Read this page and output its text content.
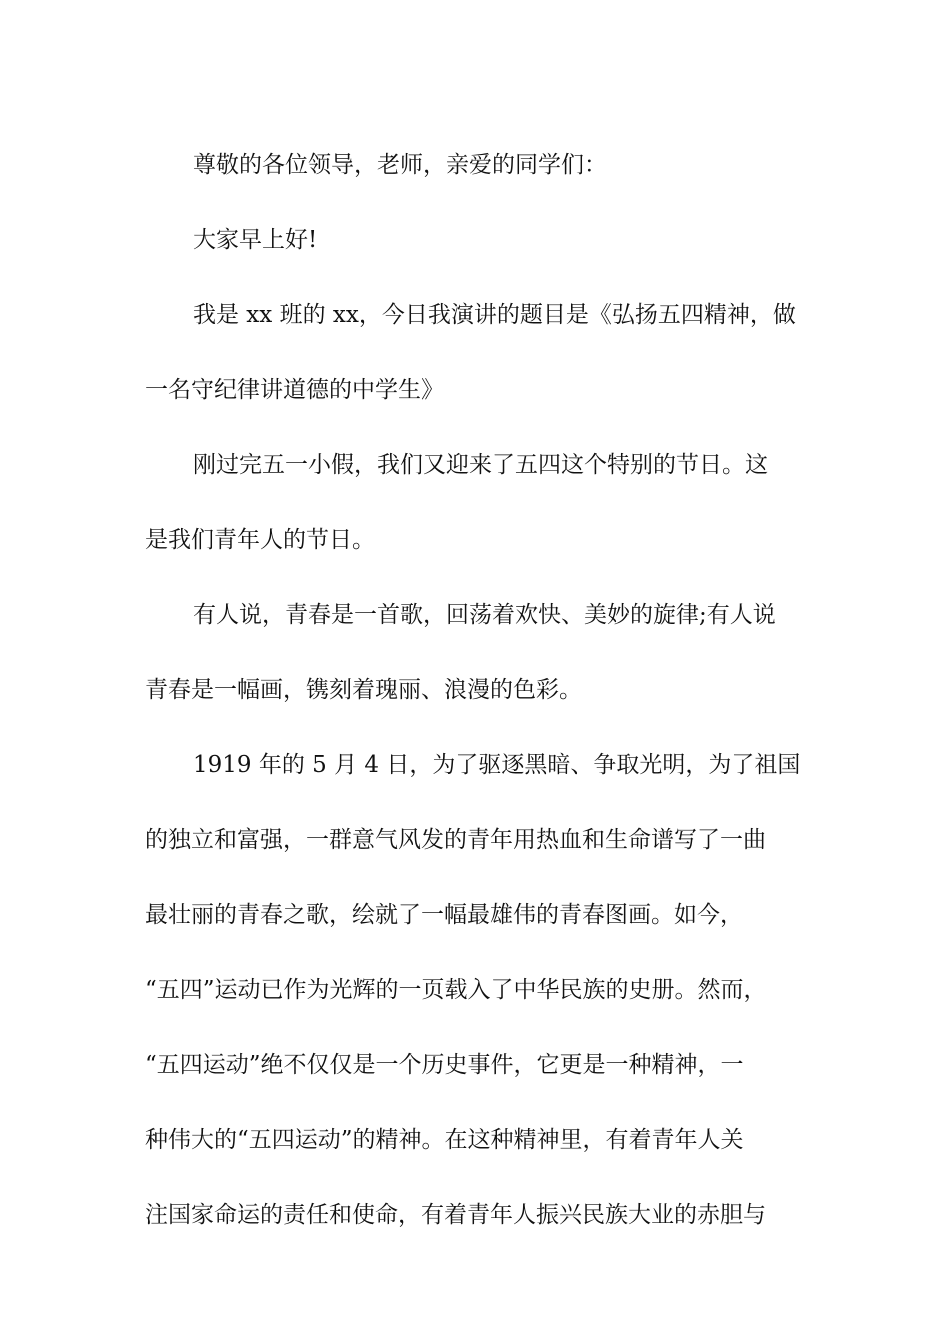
尊敬的各位领导，老师，亲爱的同学们：
大家早上好!
我是 xx 班的 xx，今日我演讲的题目是《弘扬五四精神，做
一名守纪律讲道德的中学生》
刚过完五一小假，我们又迎来了五四这个特别的节日。这
是我们青年人的节日。
有人说，青春是一首歌，回荡着欢快、美妙的旋律;有人说
青春是一幅画，镌刻着瑰丽、浪漫的色彩。
1919 年的 5 月 4 日，为了驱逐黑暗、争取光明，为了祖国
的独立和富强，一群意气风发的青年用热血和生命谱写了一曲
最壮丽的青春之歌，绘就了一幅最雄伟的青春图画。如今，
“五四”运动已作为光辉的一页载入了中华民族的史册。然而，
“五四运动”绝不仅仅是一个历史事件，它更是一种精神，一
种伟大的“五四运动”的精神。在这种精神里，有着青年人关
注国家命运的责任和使命，有着青年人振兴民族大业的赤胆与
